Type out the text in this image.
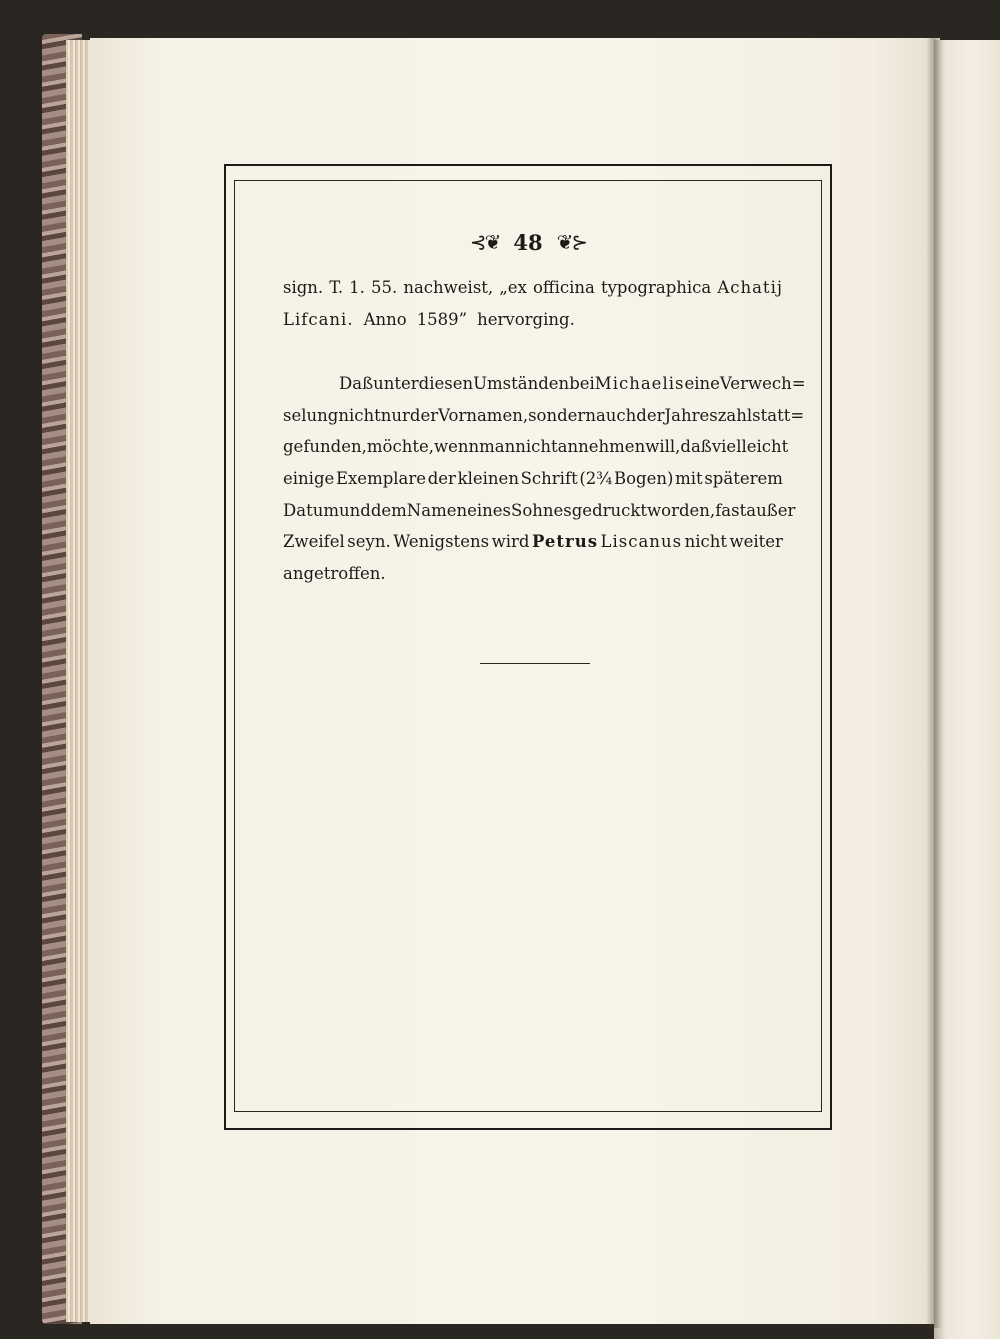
⊰❦ 48 ❦⊱
sign. T. 1. 55. nachweist, „ex officina typographica Achatij
Lifcani. Anno 1589” hervorging.
Daß unter diesen Umständen bei Michaelis eine Verwech=
selung nicht nur der Vornamen, sondern auch der Jahreszahl statt=
gefunden, möchte, wenn man nicht annehmen will, daß vielleicht
einige Exemplare der kleinen Schrift (2¾ Bogen) mit späterem
Datum und dem Namen eines Sohnes gedruckt worden, fast außer
Zweifel seyn. Wenigstens wird Petrus Liscanus nicht weiter
angetroffen.
